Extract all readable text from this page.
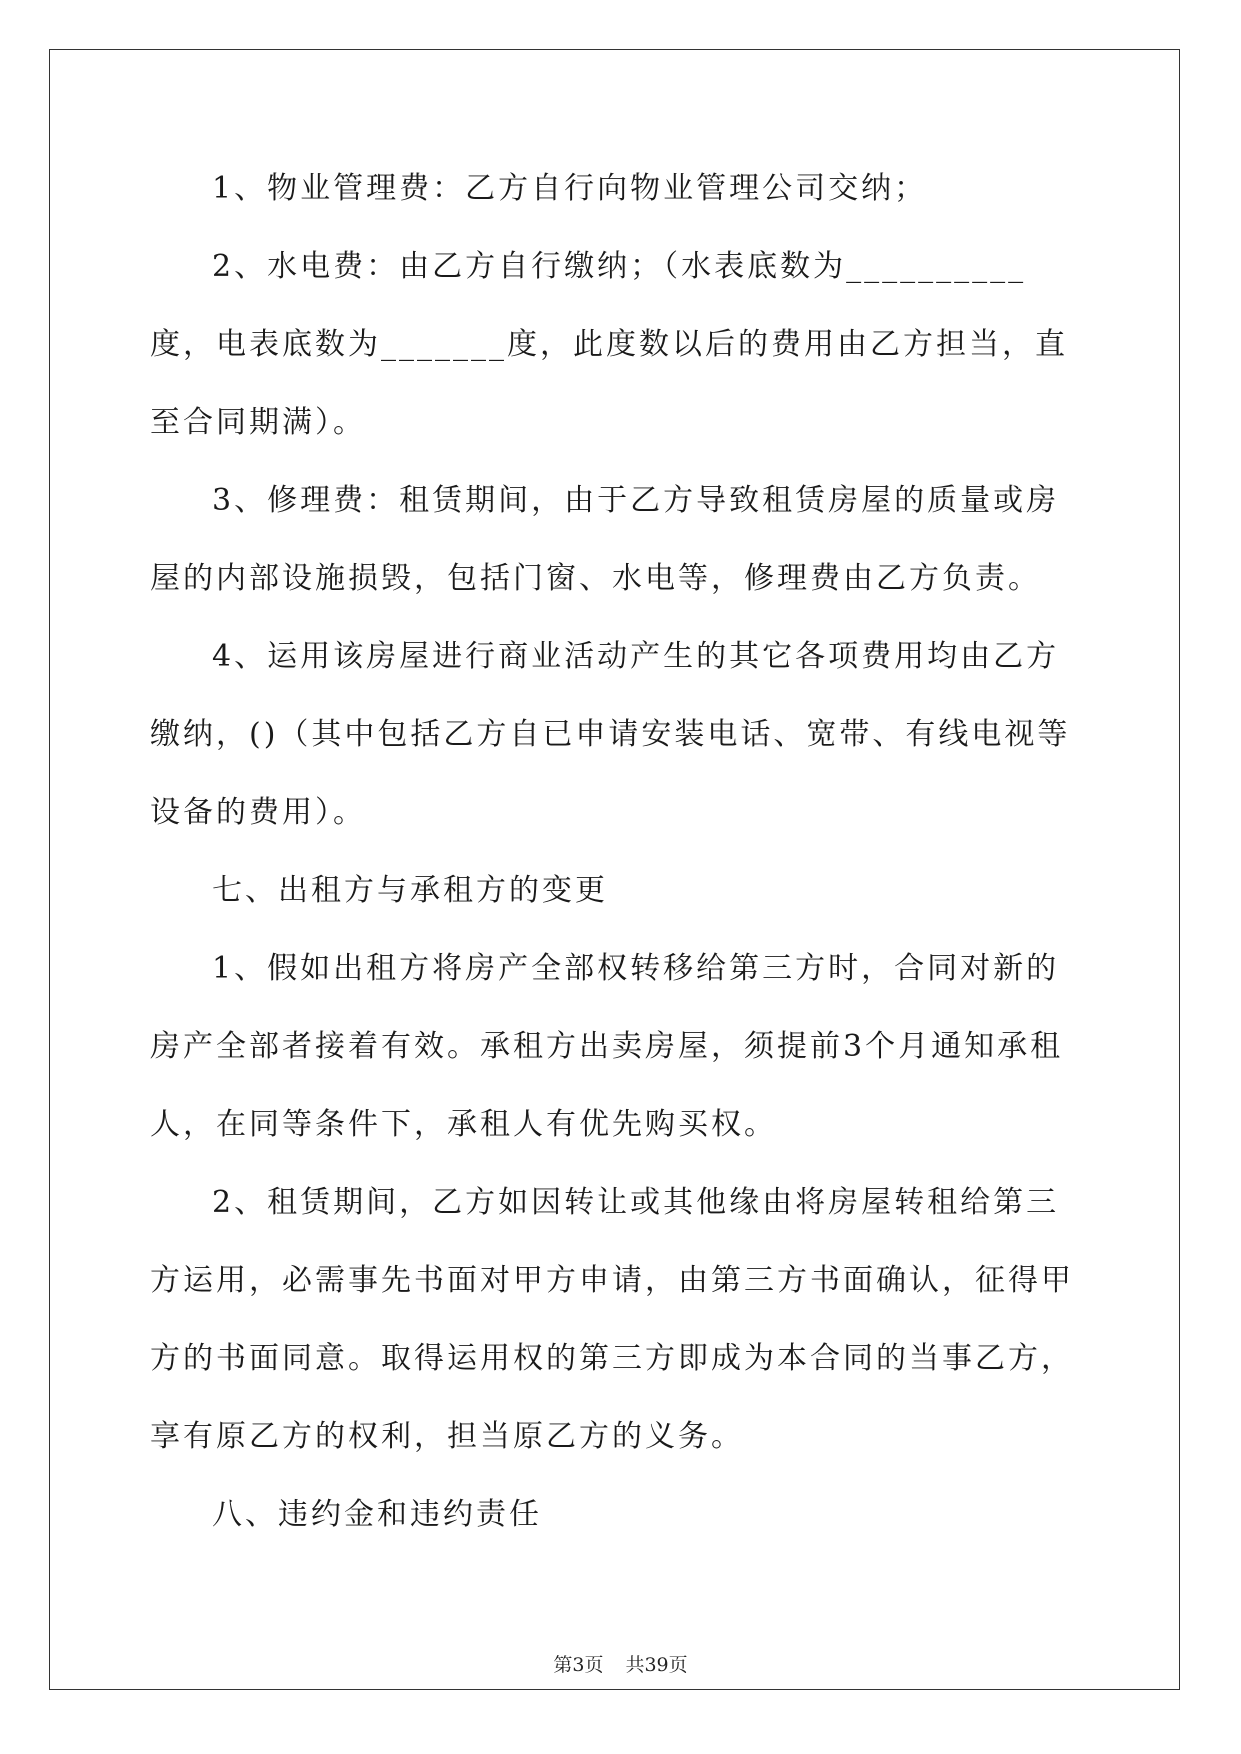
1、物业管理费：乙方自行向物业管理公司交纳；

2、水电费：由乙方自行缴纳；（水表底数为__________度，电表底数为_______度，此度数以后的费用由乙方担当，直至合同期满）。

3、修理费：租赁期间，由于乙方导致租赁房屋的质量或房屋的内部设施损毁，包括门窗、水电等，修理费由乙方负责。

4、运用该房屋进行商业活动产生的其它各项费用均由乙方缴纳，()（其中包括乙方自已申请安装电话、宽带、有线电视等设备的费用）。

七、出租方与承租方的变更

1、假如出租方将房产全部权转移给第三方时，合同对新的房产全部者接着有效。承租方出卖房屋，须提前3个月通知承租人，在同等条件下，承租人有优先购买权。

2、租赁期间，乙方如因转让或其他缘由将房屋转租给第三方运用，必需事先书面对甲方申请，由第三方书面确认，征得甲方的书面同意。取得运用权的第三方即成为本合同的当事乙方，享有原乙方的权利，担当原乙方的义务。

八、违约金和违约责任

第3页 共39页
